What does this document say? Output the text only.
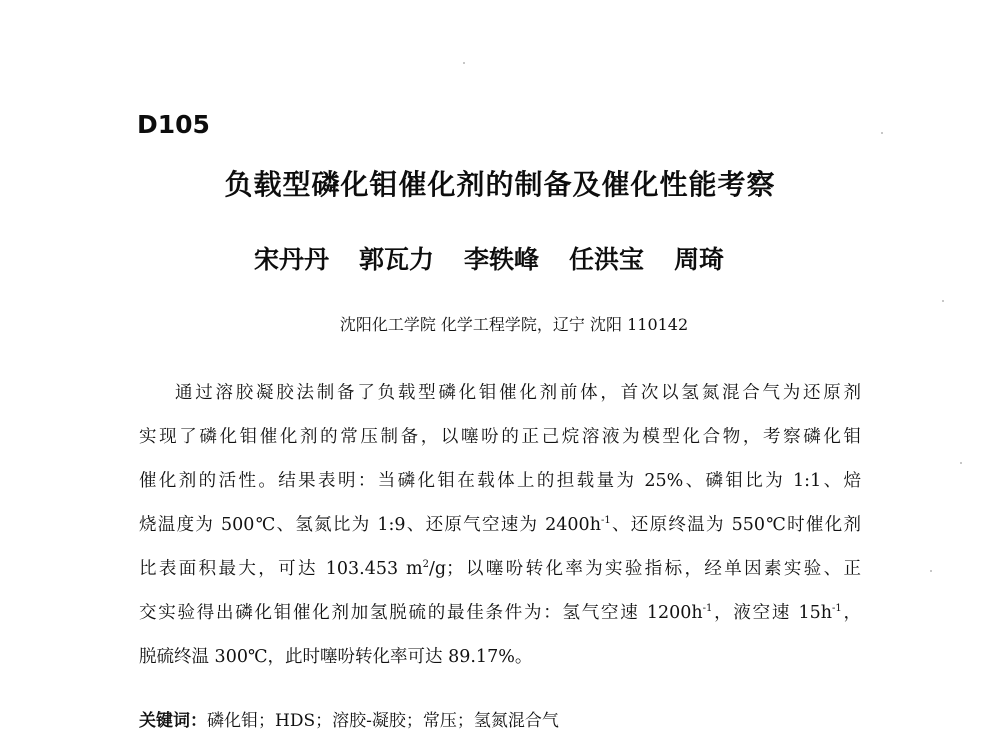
D105
负载型磷化钼催化剂的制备及催化性能考察
宋丹丹 郭瓦力 李轶峰 任洪宝 周琦
沈阳化工学院 化学工程学院，辽宁 沈阳 110142
通过溶胶凝胶法制备了负载型磷化钼催化剂前体，首次以氢氮混合气为还原剂
实现了磷化钼催化剂的常压制备，以噻吩的正己烷溶液为模型化合物，考察磷化钼
催化剂的活性。结果表明：当磷化钼在载体上的担载量为 25%、磷钼比为 1:1、焙
烧温度为 500℃、氢氮比为 1:9、还原气空速为 $2400h^{-1}$、还原终温为 550℃时催化剂
比表面积最大，可达 103.453 $m^2/g$；以噻吩转化率为实验指标，经单因素实验、正
交实验得出磷化钼催化剂加氢脱硫的最佳条件为：氢气空速 $1200h^{-1}$，液空速 $15h^{-1}$，
脱硫终温 300℃，此时噻吩转化率可达 89.17%。
关键词：磷化钼；HDS；溶胶-凝胶；常压；氢氮混合气
